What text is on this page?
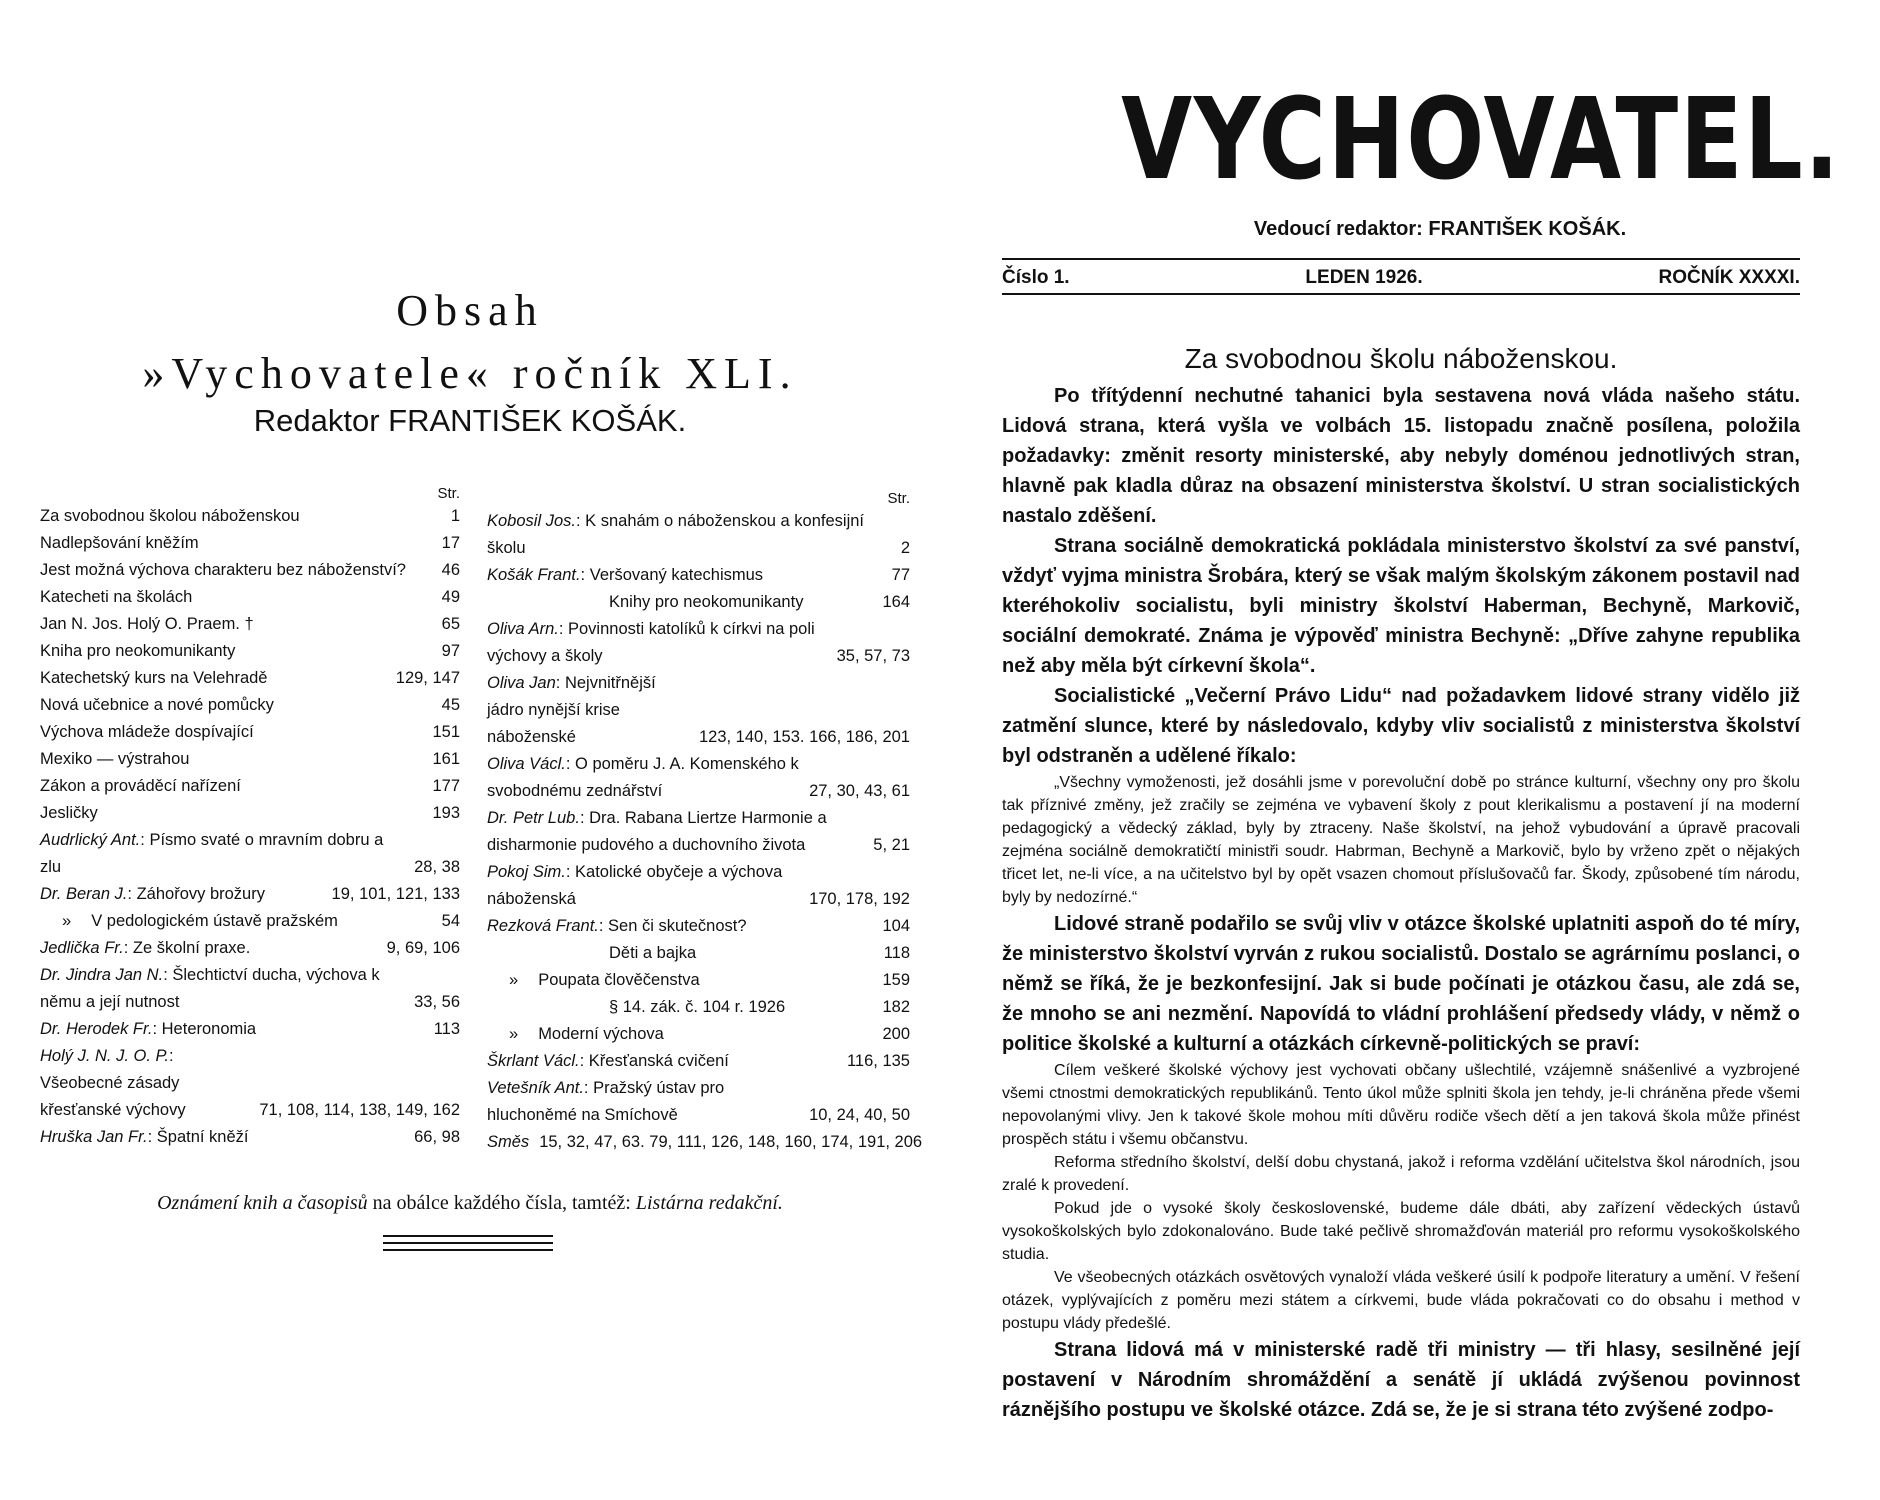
Obsah
»Vychovatele« ročník XLI.
Redaktor FRANTIŠEK KOŠÁK.
Str.
Za svobodnou školou náboženskou	1
Nadlepšování kněžím	17
Jest možná výchova charakteru bez náboženství?	46
Katecheti na školách	49
Jan N. Jos. Holý O. Praem. †	65
Kniha pro neokomunikanty	97
Katechetský kurs na Velehradě	129, 147
Nová učebnice a nové pomůcky	45
Výchova mládeže dospívající	151
Mexiko — výstrahou	161
Zákon a prováděcí nařízení	177
Jesličky	193
Audrlický Ant.: Písmo svaté o mravním dobru a zlu	28, 38
Dr. Beran J.: Záhořovy brožury	19, 101, 121, 133
» V pedologickém ústavě pražském	54
Jedlička Fr.: Ze školní praxe.	9, 69, 106
Dr. Jindra Jan N.: Šlechtictví ducha, výchova k němu a její nutnost	33, 56
Dr. Herodek Fr.: Heteronomia	113
Holý J. N. J. O. P.: Všeobecné zásady křesťanské výchovy	71, 108, 114, 138, 149, 162
Hruška Jan Fr.: Špatní kněží	66, 98
Str.
Kobosil Jos.: K snahám o náboženskou a konfesijní školu	2
Košák Frant.: Veršovaný katechismus	77
Knihy pro neokomunikanty	164
Oliva Arn.: Povinnosti katolíků k církvi na poli výchovy a školy	35, 57, 73
Oliva Jan: Nejvnitřnější jádro nynější krise náboženské	123, 140, 153. 166, 186, 201
Oliva Václ.: O poměru J. A. Komenského k svobodnému zednářství	27, 30, 43, 61
Dr. Petr Lub.: Dra. Rabana Liertze Harmonie a disharmonie pudového a duchovního života	5, 21
Pokoj Sim.: Katolické obyčeje a výchova náboženská	170, 178, 192
Rezková Frant.: Sen či skutečnost?	104
Děti a bajka	118
» Poupata člověčenstva	159
§ 14. zák. č. 104 r. 1926	182
» Moderní výchova	200
Škrlant Václ.: Křesťanská cvičení	116, 135
Vetešník Ant.: Pražský ústav pro hluchoněmé na Smíchově	10, 24, 40, 50
Směs 15, 32, 47, 63. 79, 111, 126, 148, 160, 174, 191, 206
Oznámení knih a časopisů na obálce každého čísla, tamtéž: Listárna redakční.
VYCHOVATEL.
Vedoucí redaktor: FRANTIŠEK KOŠÁK.
Číslo 1.	LEDEN 1926.	ROČNÍK XXXXI.
Za svobodnou školu náboženskou.

Po třítýdenní nechutné tahanici byla sestavena nová vláda našeho státu. Lidová strana, která vyšla ve volbách 15. listopadu značně posílena, položila požadavky: změnit resorty ministerské, aby nebyly doménou jednotlivých stran, hlavně pak kladla důraz na obsazení ministerstva školství. U stran socialistických nastalo zděšení.

Strana sociálně demokratická pokládala ministerstvo školství za své panství, vždyť vyjma ministra Šrobára, který se však malým školským zákonem postavil nad kteréhokoliv socialistu, byli ministry školství Haberman, Bechyně, Markovič, sociální demokraté. Známa je výpověď ministra Bechyně: „Dříve zahyne republika než aby měla být církevní škola“.

Socialistické „Večerní Právo Lidu“ nad požadavkem lidové strany vidělo již zatmění slunce, které by následovalo, kdyby vliv socialistů z ministerstva školství byl odstraněn a udělené říkalo:

„Všechny vymoženosti, jež dosáhli jsme v porevoluční době po stránce kulturní, všechny ony pro školu tak příznivé změny, jež zračily se zejména ve vybavení školy z pout klerikalismu a postavení jí na moderní pedagogický a vědecký základ, byly by ztraceny. Naše školství, na jehož vybudování a úpravě pracovali zejména sociálně demokratičtí ministři soudr. Habrman, Bechyně a Markovič, bylo by vrženo zpět o nějakých třicet let, ne-li více, a na učitelstvo byl by opět vsazen chomout příslušovačů far. Škody, způsobené tím národu, byly by nedozírné.“

Lidové straně podařilo se svůj vliv v otázce školské uplatniti aspoň do té míry, že ministerstvo školství vyrván z rukou socialistů. Dostalo se agrárnímu poslanci, o němž se říká, že je bezkonfesijní. Jak si bude počínati je otázkou času, ale zdá se, že mnoho se ani nezmění. Napovídá to vládní prohlášení předsedy vlády, v němž o politice školské a kulturní a otázkách církevně-politických se praví:

Cílem veškeré školské výchovy jest vychovati občany ušlechtilé, vzájemně snášenlivé a vyzbrojené všemi ctnostmi demokratických republikánů. Tento úkol může splniti škola jen tehdy, je-li chráněna přede všemi nepovolanými vlivy. Jen k takové škole mohou míti důvěru rodiče všech dětí a jen taková škola může přinést prospěch státu i všemu občanstvu.

Reforma středního školství, delší dobu chystaná, jakož i reforma vzdělání učitelstva škol národních, jsou zralé k provedení.

Pokud jde o vysoké školy československé, budeme dále dbáti, aby zařízení vědeckých ústavů vysokoškolských bylo zdokonalováno. Bude také pečlivě shromažďován materiál pro reformu vysokoškolského studia.

Ve všeobecných otázkách osvětových vynaloží vláda veškeré úsilí k podpoře literatury a umění. V řešení otázek, vyplývajících z poměru mezi státem a církvemi, bude vláda pokračovati co do obsahu i method v postupu vlády předešlé.

Strana lidová má v ministerské radě tři ministry — tři hlasy, sesilněné její postavení v Národním shromáždění a senátě jí ukládá zvýšenou povinnost ráznějšího postupu ve školské otázce. Zdá se, že je si strana této zvýšené zodpo-
